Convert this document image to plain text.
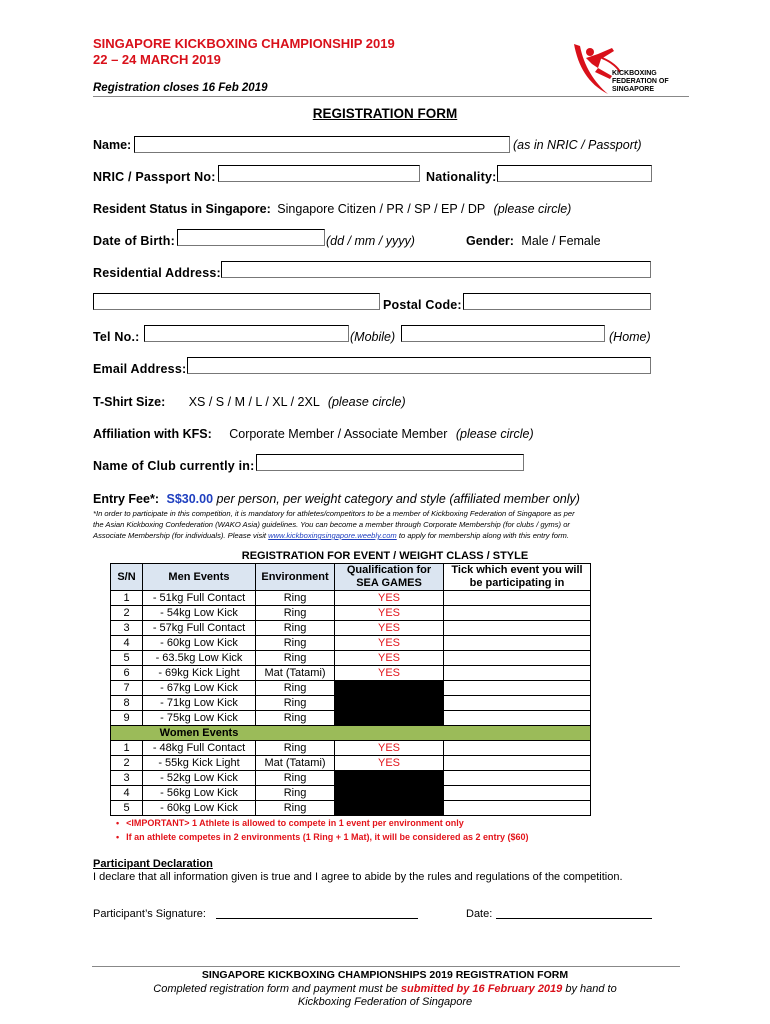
SINGAPORE KICKBOXING CHAMPIONSHIP 2019
22 – 24 MARCH 2019
Registration closes 16 Feb 2019
KICKBOXING
FEDERATION OF
SINGAPORE
REGISTRATION FORM
Name:	(as in NRIC / Passport)
NRIC / Passport No:	Nationality:
Resident Status in Singapore: Singapore Citizen / PR / SP / EP / DP (please circle)
Date of Birth:	(dd / mm / yyyy)	Gender: Male / Female
Residential Address:
Postal Code:
Tel No.:	(Mobile)	(Home)
Email Address:
T-Shirt Size: XS / S / M / L / XL / 2XL (please circle)
Affiliation with KFS: Corporate Member / Associate Member (please circle)
Name of Club currently in:
Entry Fee*: S$30.00 per person, per weight category and style (affiliated member only)
*In order to participate in this competition, it is mandatory for athletes/competitors to be a member of Kickboxing Federation of Singapore as per
the Asian Kickboxing Confederation (WAKO Asia) guidelines. You can become a member through Corporate Membership (for clubs / gyms) or
Associate Membership (for individuals). Please visit www.kickboxingsingapore.weebly.com to apply for membership along with this entry form.
REGISTRATION FOR EVENT / WEIGHT CLASS / STYLE
S/N	Men Events	Environment	Qualification for SEA GAMES	Tick which event you will be participating in
1	- 51kg Full Contact	Ring	YES	
2	- 54kg Low Kick	Ring	YES	
3	- 57kg Full Contact	Ring	YES	
4	- 60kg Low Kick	Ring	YES	
5	- 63.5kg Low Kick	Ring	YES	
6	- 69kg Kick Light	Mat (Tatami)	YES	
7	- 67kg Low Kick	Ring		
8	- 71kg Low Kick	Ring		
9	- 75kg Low Kick	Ring		
	Women Events			
1	- 48kg Full Contact	Ring	YES	
2	- 55kg Kick Light	Mat (Tatami)	YES	
3	- 52kg Low Kick	Ring		
4	- 56kg Low Kick	Ring		
5	- 60kg Low Kick	Ring		
• <IMPORTANT> 1 Athlete is allowed to compete in 1 event per environment only
• If an athlete competes in 2 environments (1 Ring + 1 Mat), it will be considered as 2 entry ($60)
Participant Declaration
I declare that all information given is true and I agree to abide by the rules and regulations of the competition.
Participant’s Signature:	Date:
SINGAPORE KICKBOXING CHAMPIONSHIPS 2019 REGISTRATION FORM
Completed registration form and payment must be submitted by 16 February 2019 by hand to
Kickboxing Federation of Singapore
